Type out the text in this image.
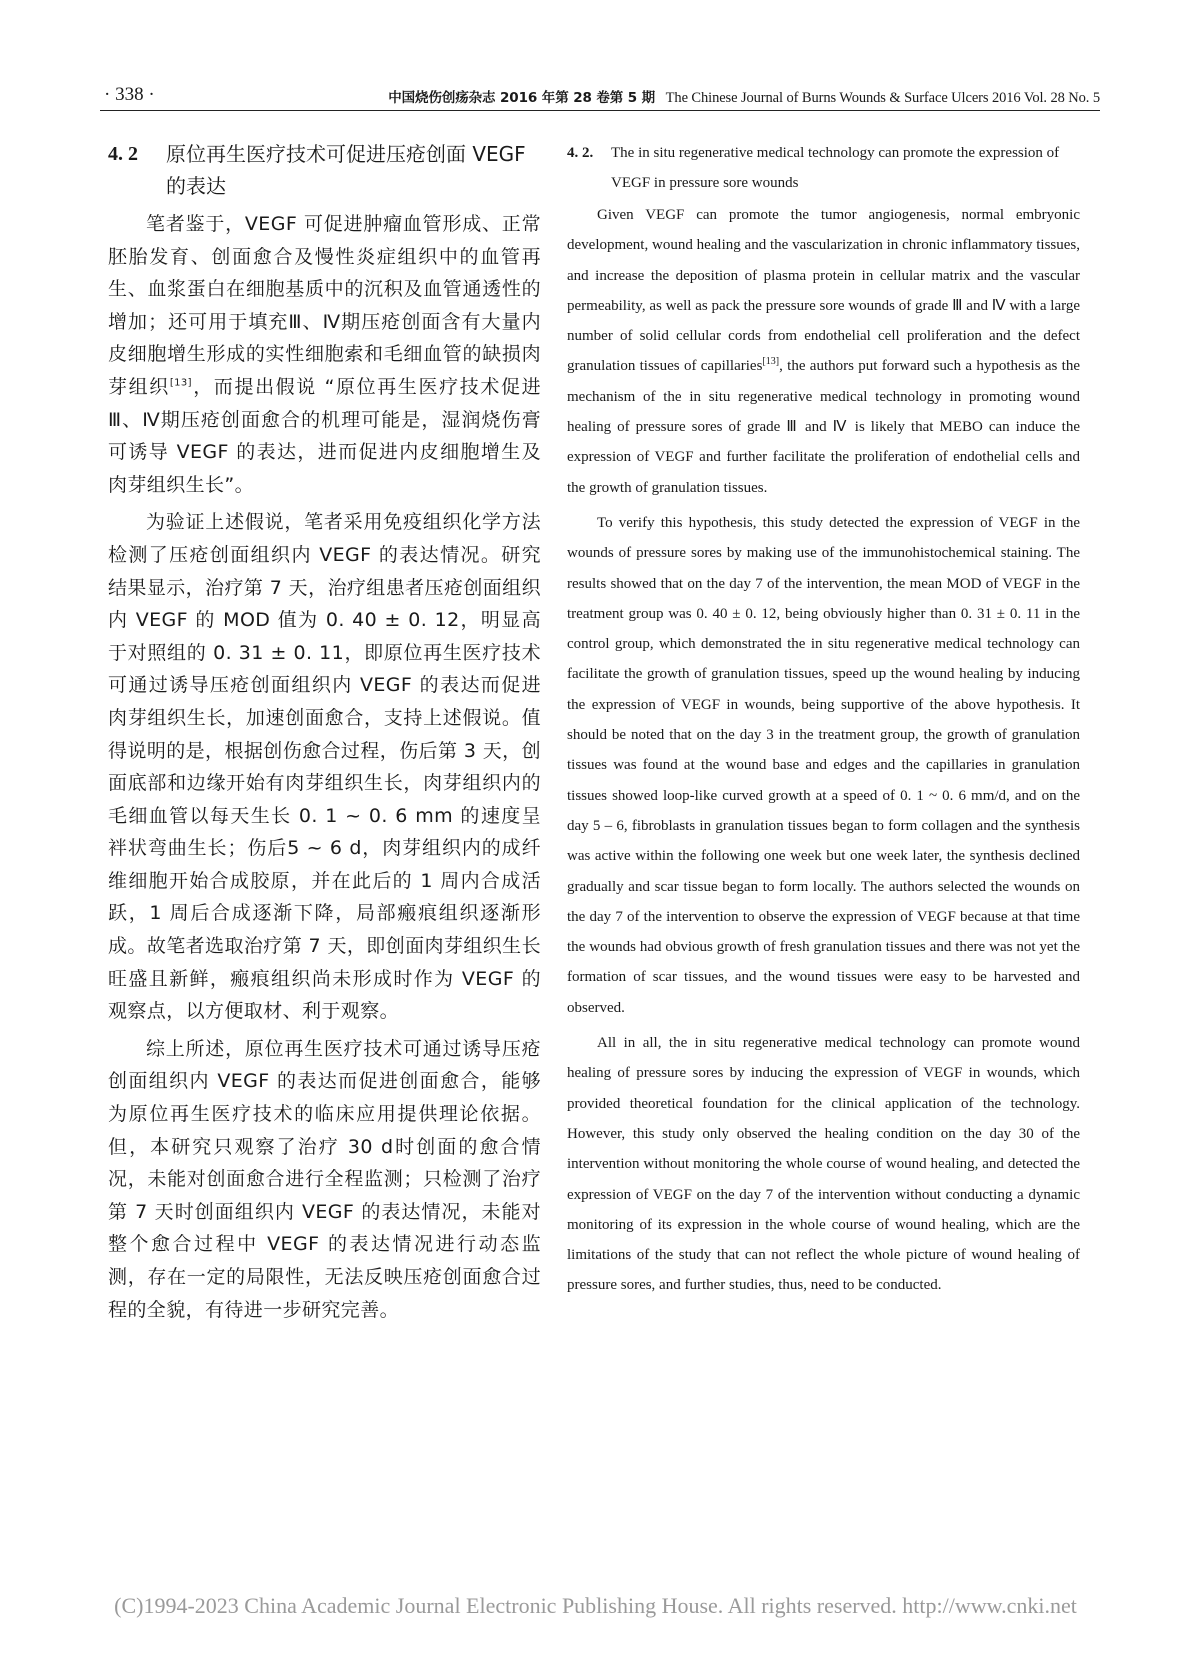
· 338 ·	中国烧伤创疡杂志 2016 年第 28 卷第 5 期 The Chinese Journal of Burns Wounds & Surface Ulcers 2016 Vol. 28 No. 5
4. 2 原位再生医疗技术可促进压疮创面 VEGF 的表达

笔者鉴于，VEGF 可促进肿瘤血管形成、正常胚胎发育、创面愈合及慢性炎症组织中的血管再生、血浆蛋白在细胞基质中的沉积及血管通透性的增加；还可用于填充Ⅲ、Ⅳ期压疮创面含有大量内皮细胞增生形成的实性细胞索和毛细血管的缺损肉芽组织[13]，而提出假说 “原位再生医疗技术促进Ⅲ、Ⅳ期压疮创面愈合的机理可能是，湿润烧伤膏可诱导 VEGF 的表达，进而促进内皮细胞增生及肉芽组织生长”。

为验证上述假说，笔者采用免疫组织化学方法检测了压疮创面组织内 VEGF 的表达情况。研究结果显示，治疗第 7 天，治疗组患者压疮创面组织内 VEGF 的 MOD 值为 0. 40 ± 0. 12，明显高于对照组的 0. 31 ± 0. 11，即原位再生医疗技术可通过诱导压疮创面组织内 VEGF 的表达而促进肉芽组织生长，加速创面愈合，支持上述假说。值得说明的是，根据创伤愈合过程，伤后第 3 天，创面底部和边缘开始有肉芽组织生长，肉芽组织内的毛细血管以每天生长 0. 1 ~ 0. 6 mm 的速度呈袢状弯曲生长；伤后5 ~ 6 d，肉芽组织内的成纤维细胞开始合成胶原，并在此后的 1 周内合成活跃，1 周后合成逐渐下降，局部瘢痕组织逐渐形成。故笔者选取治疗第 7 天，即创面肉芽组织生长旺盛且新鲜，瘢痕组织尚未形成时作为 VEGF 的观察点，以方便取材、利于观察。

综上所述，原位再生医疗技术可通过诱导压疮创面组织内 VEGF 的表达而促进创面愈合，能够为原位再生医疗技术的临床应用提供理论依据。但，本研究只观察了治疗 30 d时创面的愈合情况，未能对创面愈合进行全程监测；只检测了治疗第 7 天时创面组织内 VEGF 的表达情况，未能对整个愈合过程中 VEGF 的表达情况进行动态监测，存在一定的局限性，无法反映压疮创面愈合过程的全貌，有待进一步研究完善。

4. 2. The in situ regenerative medical technology can promote the expression of VEGF in pressure sore wounds

Given VEGF can promote the tumor angiogenesis, normal embryonic development, wound healing and the vascularization in chronic inflammatory tissues, and increase the deposition of plasma protein in cellular matrix and the vascular permeability, as well as pack the pressure sore wounds of grade Ⅲ and Ⅳ with a large number of solid cellular cords from endothelial cell proliferation and the defect granulation tissues of capillaries[13], the authors put forward such a hypothesis as the mechanism of the in situ regenerative medical technology in promoting wound healing of pressure sores of grade Ⅲ and Ⅳ is likely that MEBO can induce the expression of VEGF and further facilitate the proliferation of endothelial cells and the growth of granulation tissues.

To verify this hypothesis, this study detected the expression of VEGF in the wounds of pressure sores by making use of the immunohistochemical staining. The results showed that on the day 7 of the intervention, the mean MOD of VEGF in the treatment group was 0. 40 ± 0. 12, being obviously higher than 0. 31 ± 0. 11 in the control group, which demonstrated the in situ regenerative medical technology can facilitate the growth of granulation tissues, speed up the wound healing by inducing the expression of VEGF in wounds, being supportive of the above hypothesis. It should be noted that on the day 3 in the treatment group, the growth of granulation tissues was found at the wound base and edges and the capillaries in granulation tissues showed loop-like curved growth at a speed of 0. 1 ~ 0. 6 mm/d, and on the day 5 – 6, fibroblasts in granulation tissues began to form collagen and the synthesis was active within the following one week but one week later, the synthesis declined gradually and scar tissue began to form locally. The authors selected the wounds on the day 7 of the intervention to observe the expression of VEGF because at that time the wounds had obvious growth of fresh granulation tissues and there was not yet the formation of scar tissues, and the wound tissues were easy to be harvested and observed.

All in all, the in situ regenerative medical technology can promote wound healing of pressure sores by inducing the expression of VEGF in wounds, which provided theoretical foundation for the clinical application of the technology. However, this study only observed the healing condition on the day 30 of the intervention without monitoring the whole course of wound healing, and detected the expression of VEGF on the day 7 of the intervention without conducting a dynamic monitoring of its expression in the whole course of wound healing, which are the limitations of the study that can not reflect the whole picture of wound healing of pressure sores, and further studies, thus, need to be conducted.

(C)1994-2023 China Academic Journal Electronic Publishing House. All rights reserved. http://www.cnki.net
